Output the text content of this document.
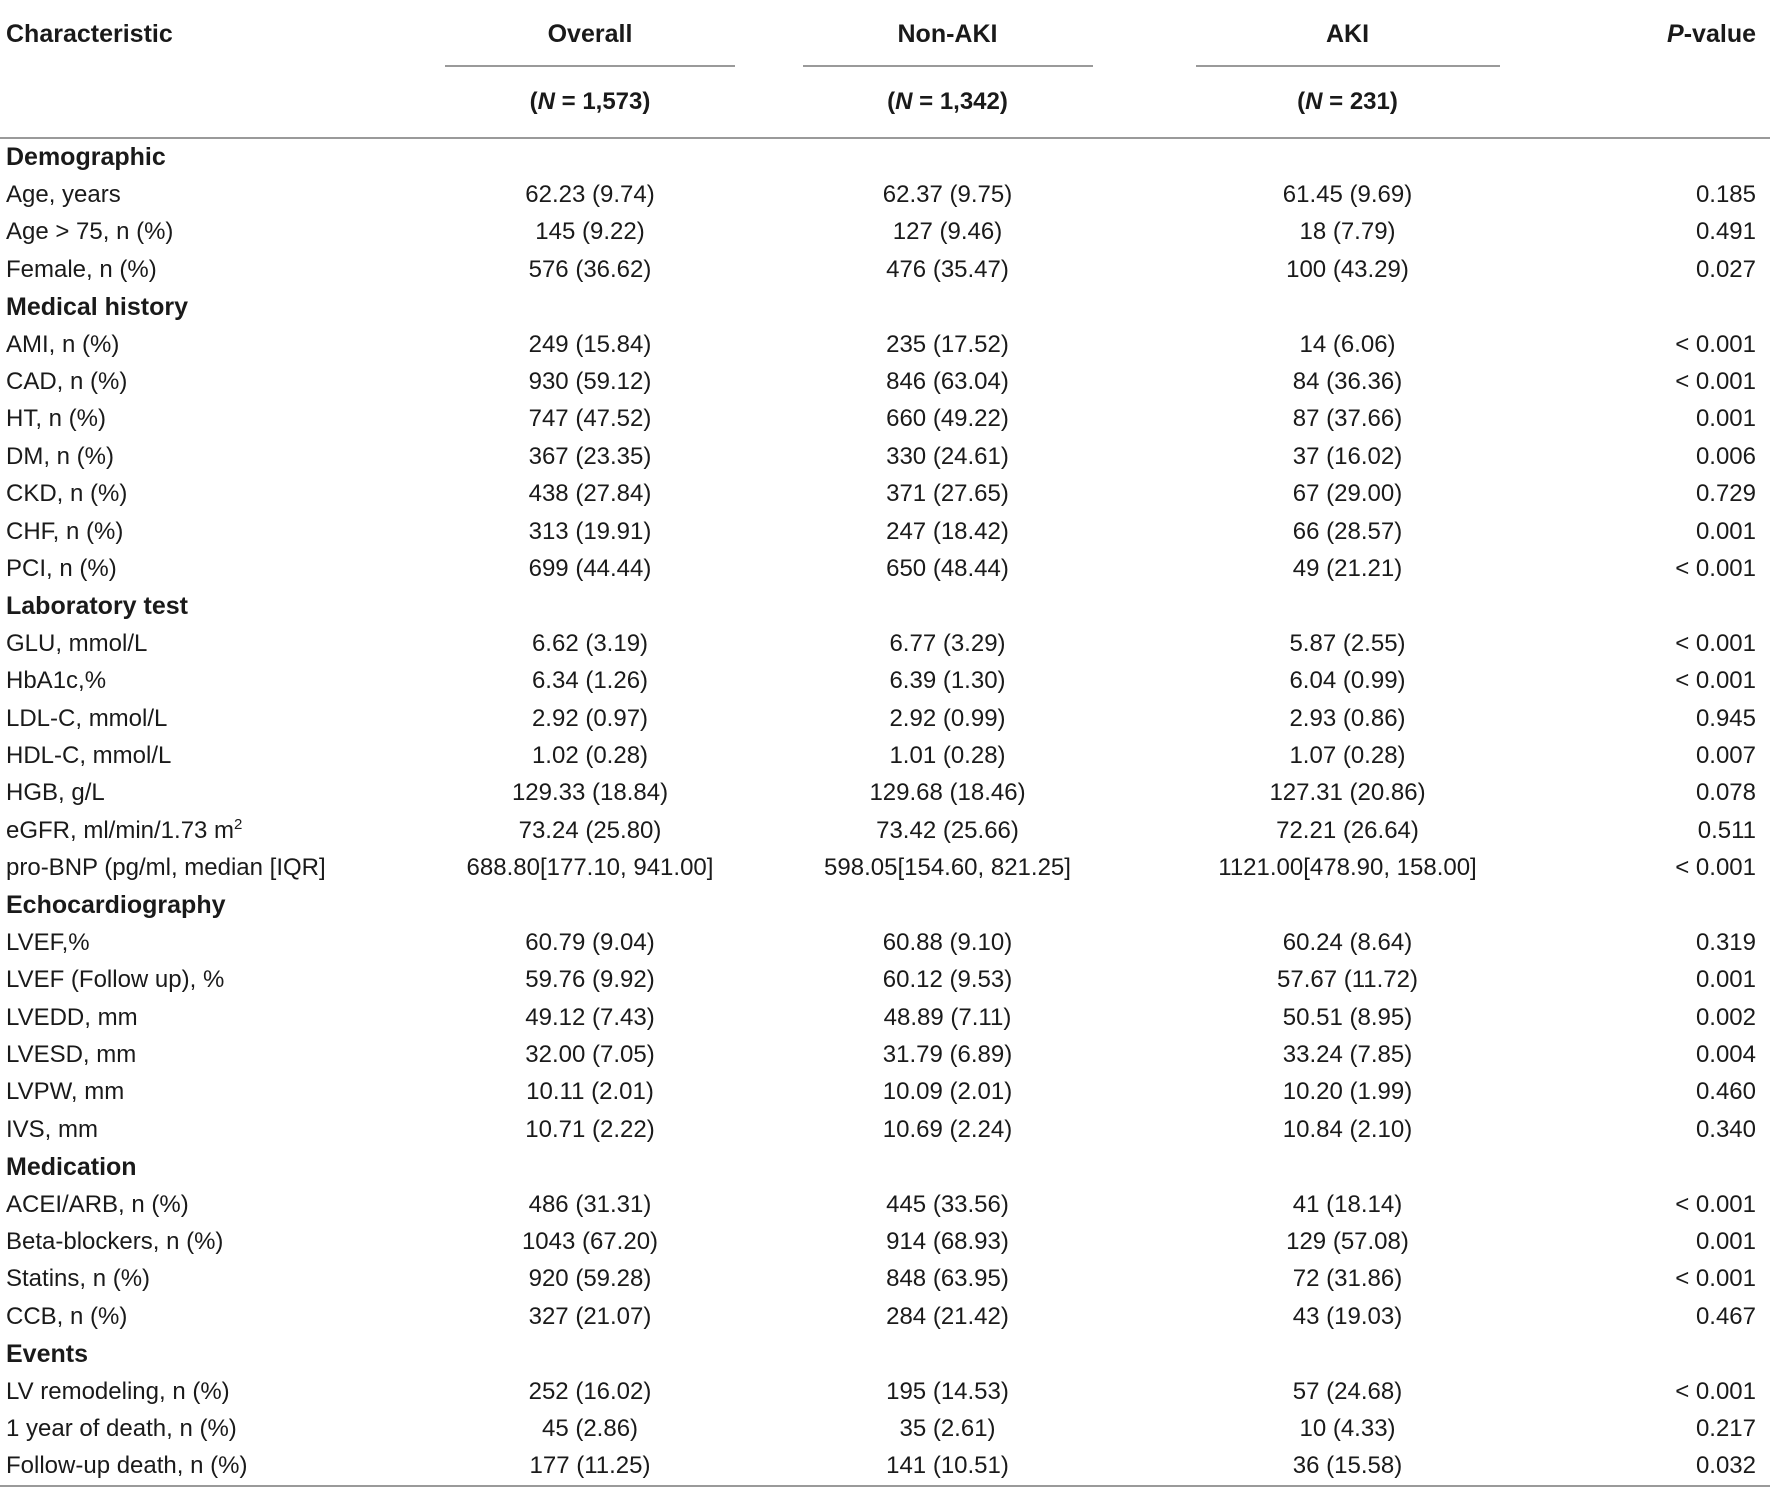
Characteristic	Overall	Non-AKI	AKI	P-value
	(N = 1,573)	(N = 1,342)	(N = 231)	
Demographic				
Age, years	62.23 (9.74)	62.37 (9.75)	61.45 (9.69)	0.185
Age > 75, n (%)	145 (9.22)	127 (9.46)	18 (7.79)	0.491
Female, n (%)	576 (36.62)	476 (35.47)	100 (43.29)	0.027
Medical history				
AMI, n (%)	249 (15.84)	235 (17.52)	14 (6.06)	< 0.001
CAD, n (%)	930 (59.12)	846 (63.04)	84 (36.36)	< 0.001
HT, n (%)	747 (47.52)	660 (49.22)	87 (37.66)	0.001
DM, n (%)	367 (23.35)	330 (24.61)	37 (16.02)	0.006
CKD, n (%)	438 (27.84)	371 (27.65)	67 (29.00)	0.729
CHF, n (%)	313 (19.91)	247 (18.42)	66 (28.57)	0.001
PCI, n (%)	699 (44.44)	650 (48.44)	49 (21.21)	< 0.001
Laboratory test				
GLU, mmol/L	6.62 (3.19)	6.77 (3.29)	5.87 (2.55)	< 0.001
HbA1c,%	6.34 (1.26)	6.39 (1.30)	6.04 (0.99)	< 0.001
LDL-C, mmol/L	2.92 (0.97)	2.92 (0.99)	2.93 (0.86)	0.945
HDL-C, mmol/L	1.02 (0.28)	1.01 (0.28)	1.07 (0.28)	0.007
HGB, g/L	129.33 (18.84)	129.68 (18.46)	127.31 (20.86)	0.078
eGFR, ml/min/1.73 $m^2$	73.24 (25.80)	73.42 (25.66)	72.21 (26.64)	0.511
pro-BNP (pg/ml, median [IQR]	688.80[177.10, 941.00]	598.05[154.60, 821.25]	1121.00[478.90, 158.00]	< 0.001
Echocardiography				
LVEF,%	60.79 (9.04)	60.88 (9.10)	60.24 (8.64)	0.319
LVEF (Follow up), %	59.76 (9.92)	60.12 (9.53)	57.67 (11.72)	0.001
LVEDD, mm	49.12 (7.43)	48.89 (7.11)	50.51 (8.95)	0.002
LVESD, mm	32.00 (7.05)	31.79 (6.89)	33.24 (7.85)	0.004
LVPW, mm	10.11 (2.01)	10.09 (2.01)	10.20 (1.99)	0.460
IVS, mm	10.71 (2.22)	10.69 (2.24)	10.84 (2.10)	0.340
Medication				
ACEI/ARB, n (%)	486 (31.31)	445 (33.56)	41 (18.14)	< 0.001
Beta-blockers, n (%)	1043 (67.20)	914 (68.93)	129 (57.08)	0.001
Statins, n (%)	920 (59.28)	848 (63.95)	72 (31.86)	< 0.001
CCB, n (%)	327 (21.07)	284 (21.42)	43 (19.03)	0.467
Events				
LV remodeling, n (%)	252 (16.02)	195 (14.53)	57 (24.68)	< 0.001
1 year of death, n (%)	45 (2.86)	35 (2.61)	10 (4.33)	0.217
Follow-up death, n (%)	177 (11.25)	141 (10.51)	36 (15.58)	0.032
